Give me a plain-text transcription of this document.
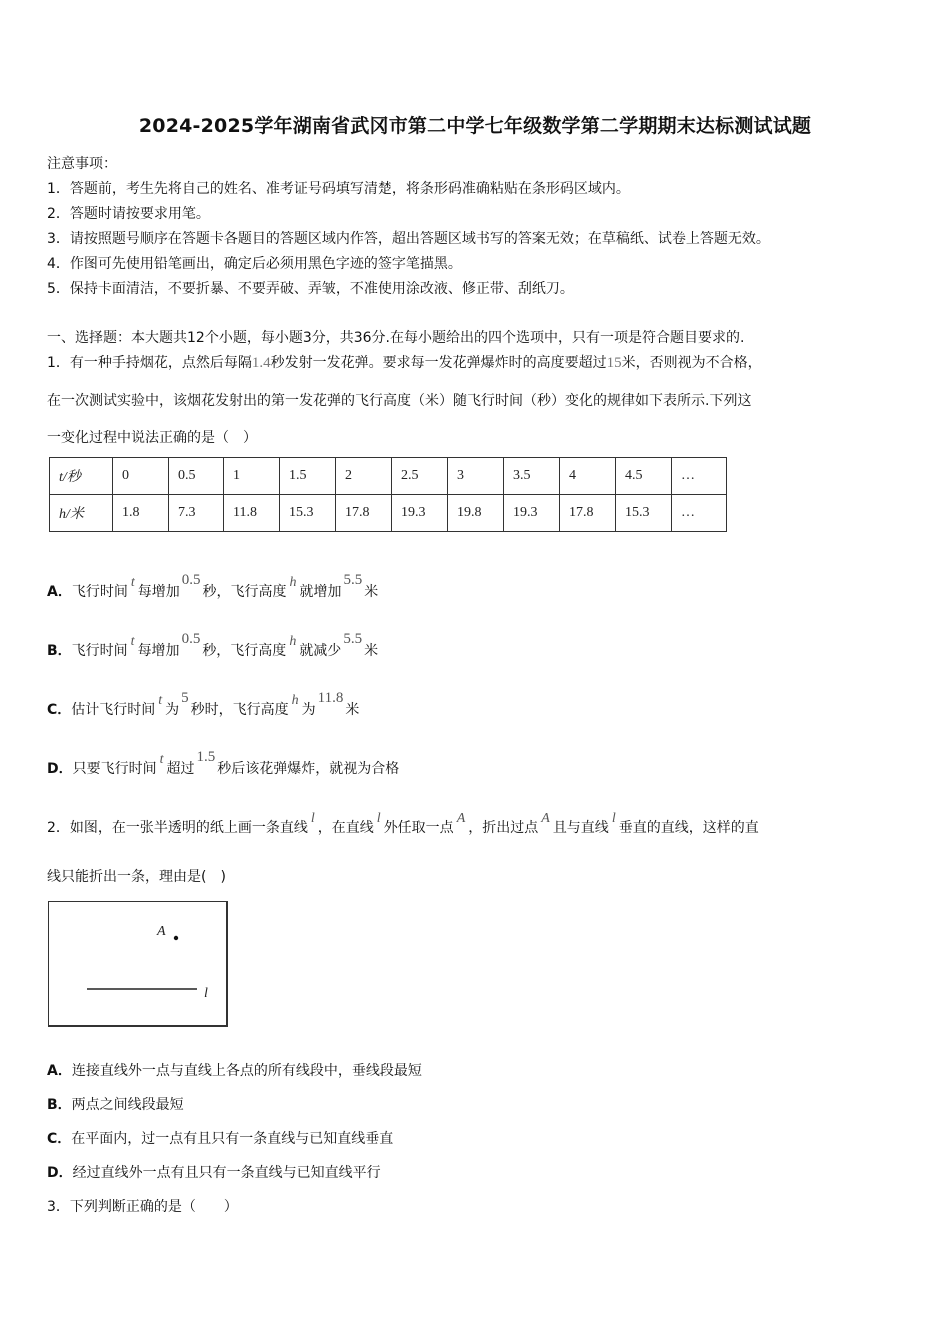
2024-2025学年湖南省武冈市第二中学七年级数学第二学期期末达标测试试题
注意事项：
1．答题前，考生先将自己的姓名、准考证号码填写清楚，将条形码准确粘贴在条形码区域内。
2．答题时请按要求用笔。
3．请按照题号顺序在答题卡各题目的答题区域内作答，超出答题区域书写的答案无效；在草稿纸、试卷上答题无效。
4．作图可先使用铅笔画出，确定后必须用黑色字迹的签字笔描黑。
5．保持卡面清洁，不要折暴、不要弄破、弄皱，不准使用涂改液、修正带、刮纸刀。
一、选择题：本大题共12个小题，每小题3分，共36分.在每小题给出的四个选项中，只有一项是符合题目要求的.
1．有一种手持烟花，点然后每隔1.4秒发射一发花弹。要求每一发花弹爆炸时的高度要超过15米，否则视为不合格，
在一次测试实验中，该烟花发射出的第一发花弹的飞行高度（米）随飞行时间（秒）变化的规律如下表所示.下列这
一变化过程中说法正确的是（　）
t/秒	0	0.5	1	1.5	2	2.5	3	3.5	4	4.5	…
h/米	1.8	7.3	11.8	15.3	17.8	19.3	19.8	19.3	17.8	15.3	…
A．飞行时间t每增加0.5秒，飞行高度h就增加5.5米
B．飞行时间t每增加0.5秒，飞行高度h就减少5.5米
C．估计飞行时间t为5秒时，飞行高度h为11.8米
D．只要飞行时间t超过1.5秒后该花弹爆炸，就视为合格
2．如图，在一张半透明的纸上画一条直线l，在直线l外任取一点A，折出过点A且与直线l垂直的直线，这样的直
线只能折出一条，理由是(　)
A
l
A．连接直线外一点与直线上各点的所有线段中，垂线段最短
B．两点之间线段最短
C．在平面内，过一点有且只有一条直线与已知直线垂直
D．经过直线外一点有且只有一条直线与已知直线平行
3．下列判断正确的是（　　）
